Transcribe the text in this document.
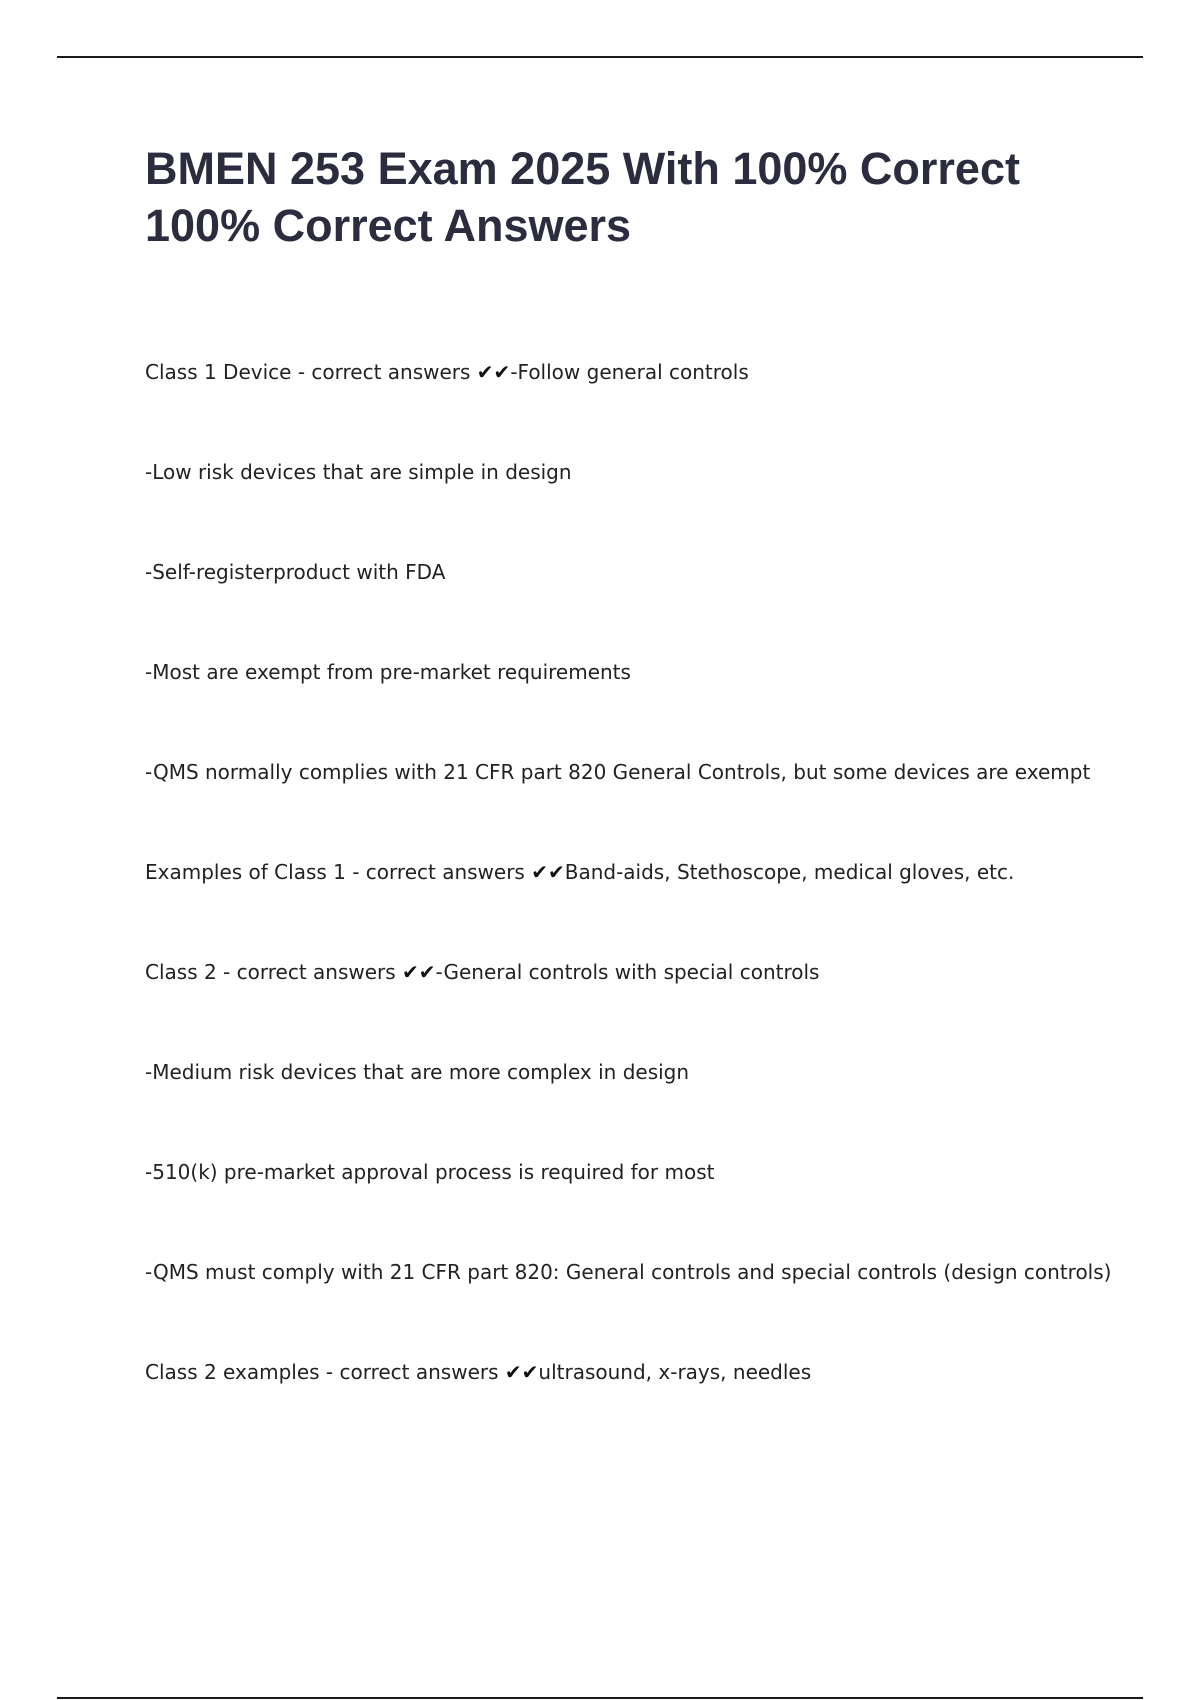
BMEN 253 Exam 2025 With 100% Correct 100% Correct Answers

Class 1 Device - correct answers ✔✔-Follow general controls

-Low risk devices that are simple in design

-Self-registerproduct with FDA

-Most are exempt from pre-market requirements

-QMS normally complies with 21 CFR part 820 General Controls, but some devices are exempt

Examples of Class 1 - correct answers ✔✔Band-aids, Stethoscope, medical gloves, etc.

Class 2 - correct answers ✔✔-General controls with special controls

-Medium risk devices that are more complex in design

-510(k) pre-market approval process is required for most

-QMS must comply with 21 CFR part 820: General controls and special controls (design controls)

Class 2 examples - correct answers ✔✔ultrasound, x-rays, needles
